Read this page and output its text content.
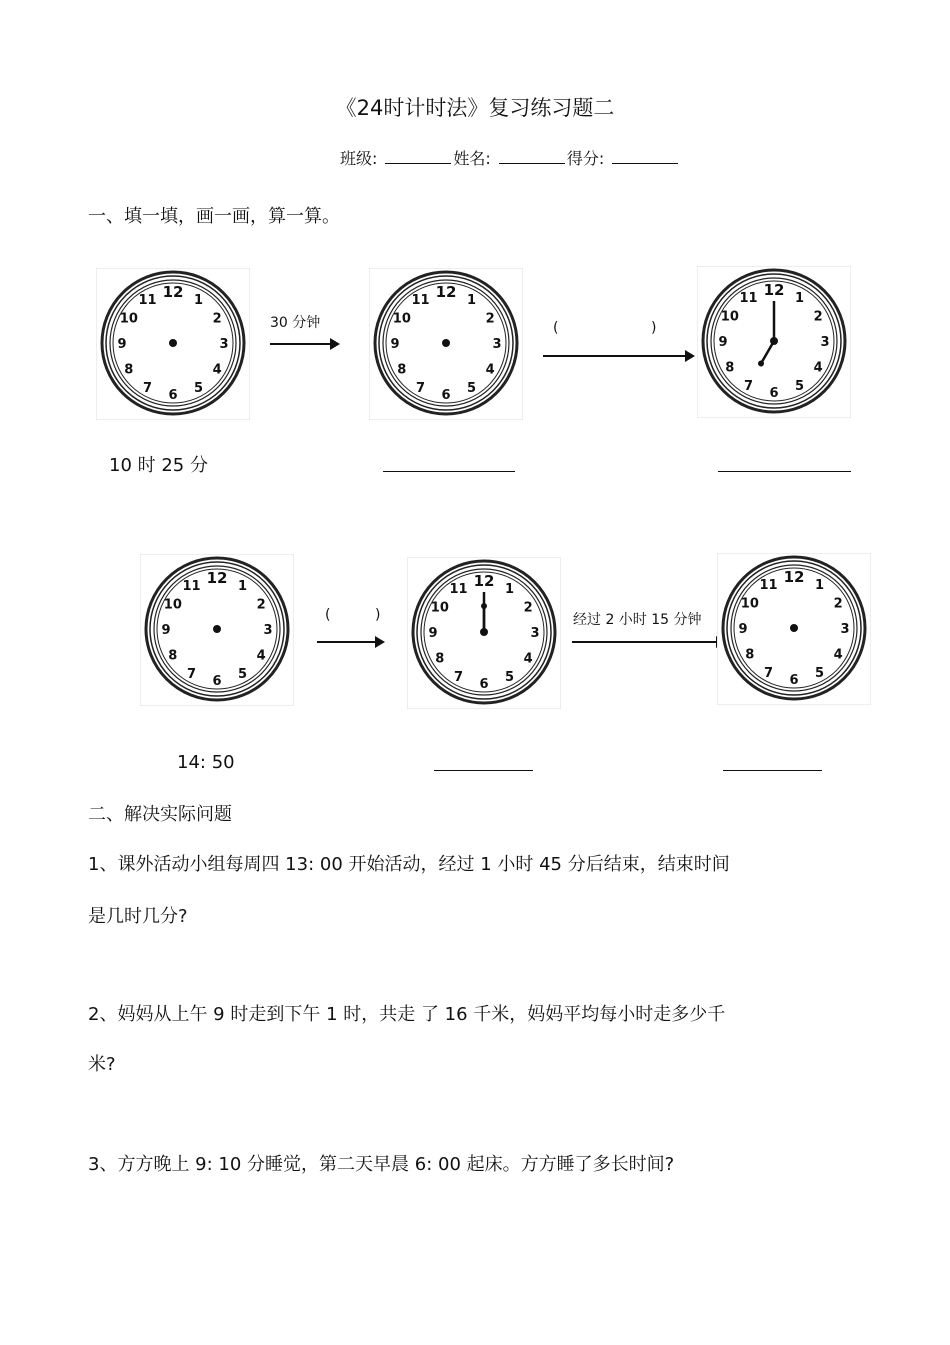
《24时计时法》复习练习题二
班级:	姓名:	得分:
一、填一填，画一画，算一算。
1
2
3
4
5
6
7
8
9
10
11 12
30 分钟
1
2
3
4
5
6
7
8
9
10
11 12
(	)
1
2
3
4
5
6
7
8
9
10
11 12
10 时 25 分
1
2
3
4
5
6
7
8
9
10
11 12
(          )
1
2
3
4
5
6
7
8
9
10
11 12
经过 2 小时 15 分钟
1
2
3
4
5
6
7
8
9
10
11 12
14: 50
二、解决实际问题
1、课外活动小组每周四 13: 00 开始活动，经过 1 小时 45 分后结束，结束时间
是几时几分?
2、妈妈从上午 9 时走到下午 1 时，共走 了 16 千米，妈妈平均每小时走多少千
米?
3、方方晚上 9: 10 分睡觉，第二天早晨 6: 00 起床。方方睡了多长时间?
